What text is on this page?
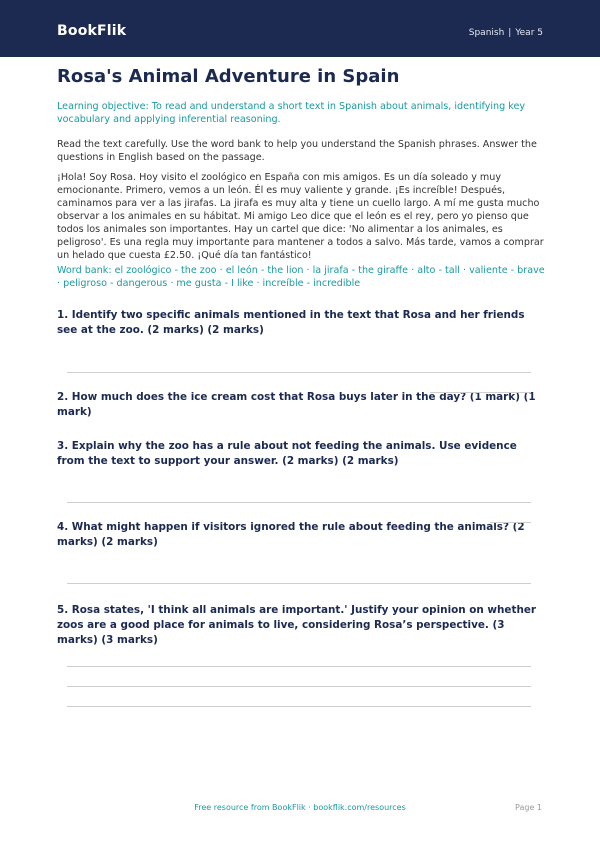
BookFlik	Spanish | Year 5
Rosa's Animal Adventure in Spain
Learning objective: To read and understand a short text in Spanish about animals, identifying key vocabulary and applying inferential reasoning.
Read the text carefully. Use the word bank to help you understand the Spanish phrases. Answer the questions in English based on the passage.
¡Hola! Soy Rosa. Hoy visito el zoológico en España con mis amigos. Es un día soleado y muy emocionante. Primero, vemos a un león. Él es muy valiente y grande. ¡Es increíble! Después, caminamos para ver a las jirafas. La jirafa es muy alta y tiene un cuello largo. A mí me gusta mucho observar a los animales en su hábitat. Mi amigo Leo dice que el león es el rey, pero yo pienso que todos los animales son importantes. Hay un cartel que dice: 'No alimentar a los animales, es peligroso'. Es una regla muy importante para mantener a todos a salvo. Más tarde, vamos a comprar un helado que cuesta £2.50. ¡Qué día tan fantástico!
Word bank: el zoológico - the zoo · el león - the lion · la jirafa - the giraffe · alto - tall · valiente - brave · peligroso - dangerous · me gusta - I like · increíble - incredible
1. Identify two specific animals mentioned in the text that Rosa and her friends see at the zoo. (2 marks) (2 marks)
2. How much does the ice cream cost that Rosa buys later in the day? (1 mark) (1 mark)
3. Explain why the zoo has a rule about not feeding the animals. Use evidence from the text to support your answer. (2 marks) (2 marks)
4. What might happen if visitors ignored the rule about feeding the animals? (2 marks) (2 marks)
5. Rosa states, 'I think all animals are important.' Justify your opinion on whether zoos are a good place for animals to live, considering Rosa’s perspective. (3 marks) (3 marks)
Free resource from BookFlik · bookflik.com/resources	Page 1
